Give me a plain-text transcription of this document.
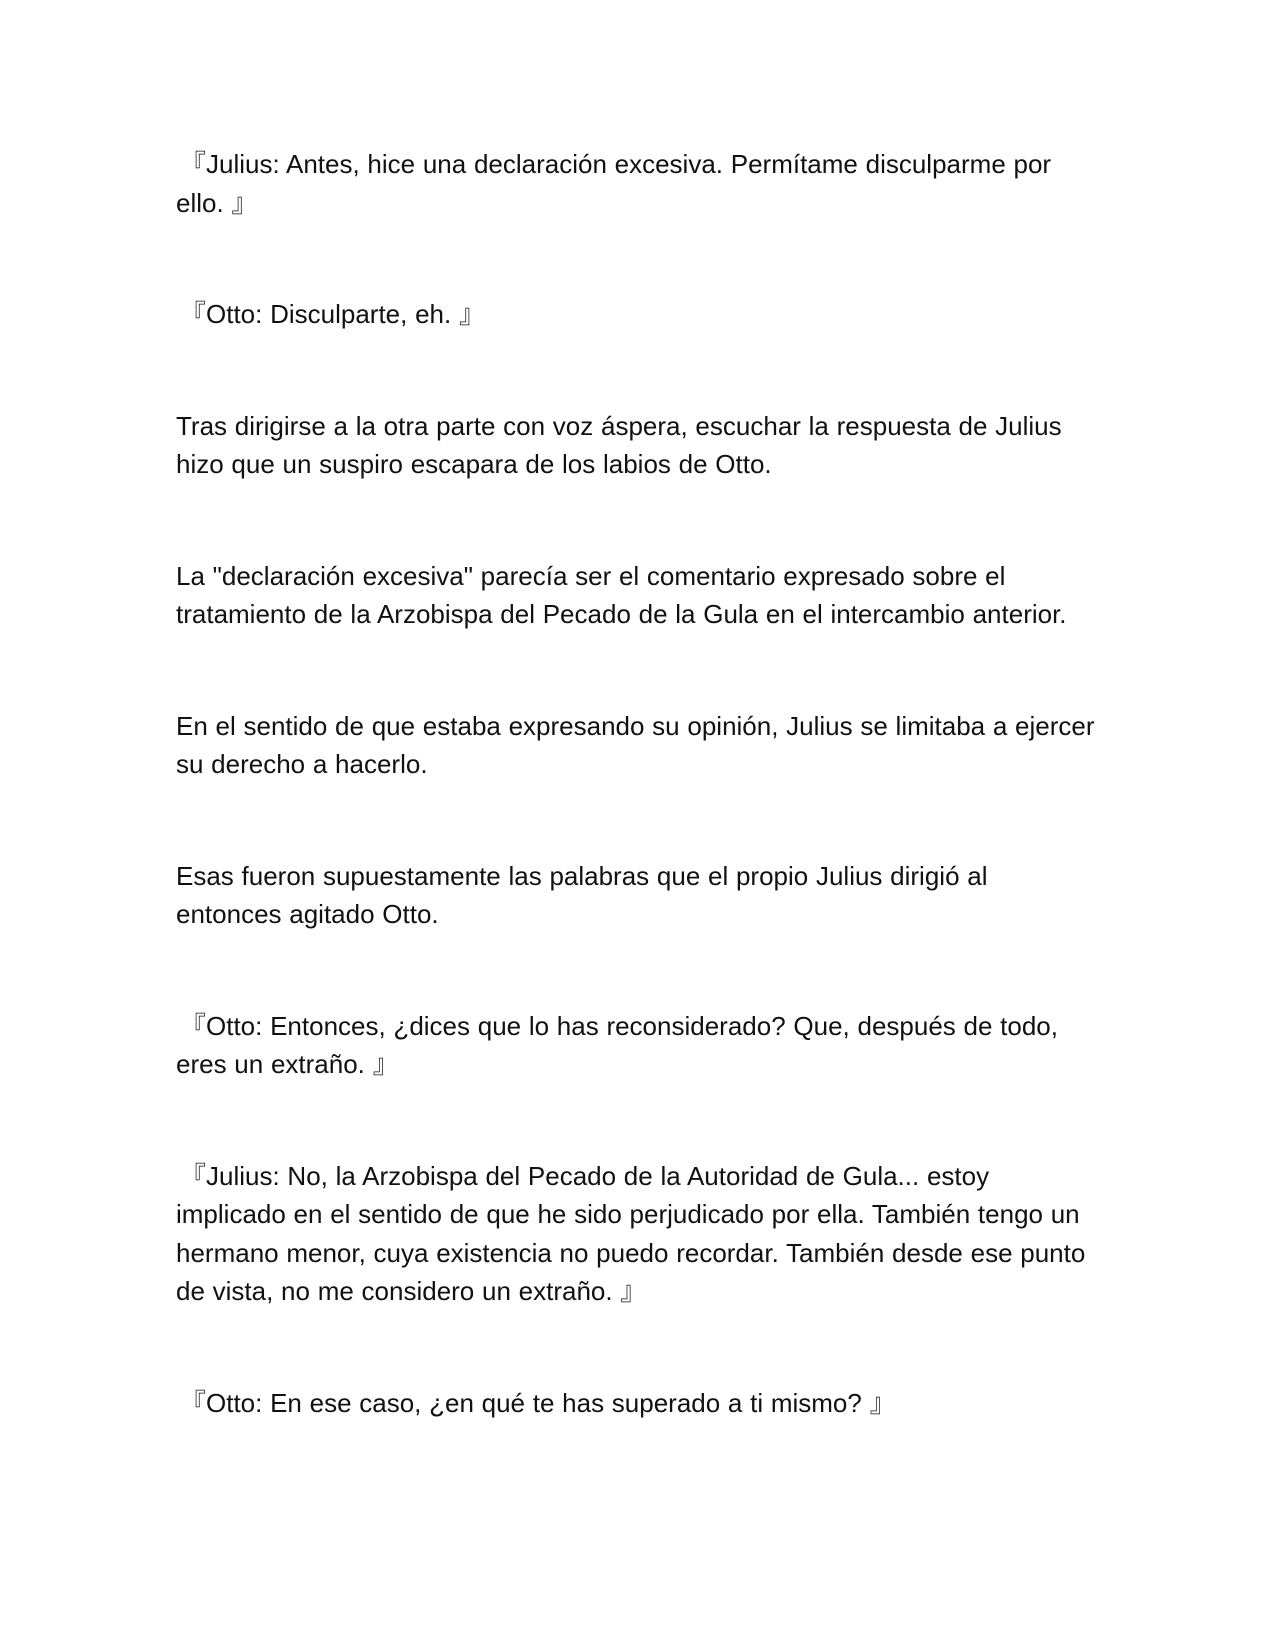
『Julius: Antes, hice una declaración excesiva. Permítame disculparme por ello. 』

『Otto: Disculparte, eh. 』

Tras dirigirse a la otra parte con voz áspera, escuchar la respuesta de Julius hizo que un suspiro escapara de los labios de Otto.

La "declaración excesiva" parecía ser el comentario expresado sobre el tratamiento de la Arzobispa del Pecado de la Gula en el intercambio anterior.

En el sentido de que estaba expresando su opinión, Julius se limitaba a ejercer su derecho a hacerlo.

Esas fueron supuestamente las palabras que el propio Julius dirigió al entonces agitado Otto.

『Otto: Entonces, ¿dices que lo has reconsiderado? Que, después de todo, eres un extraño. 』

『Julius: No, la Arzobispa del Pecado de la Autoridad de Gula... estoy implicado en el sentido de que he sido perjudicado por ella. También tengo un hermano menor, cuya existencia no puedo recordar. También desde ese punto de vista, no me considero un extraño. 』

『Otto: En ese caso, ¿en qué te has superado a ti mismo? 』
